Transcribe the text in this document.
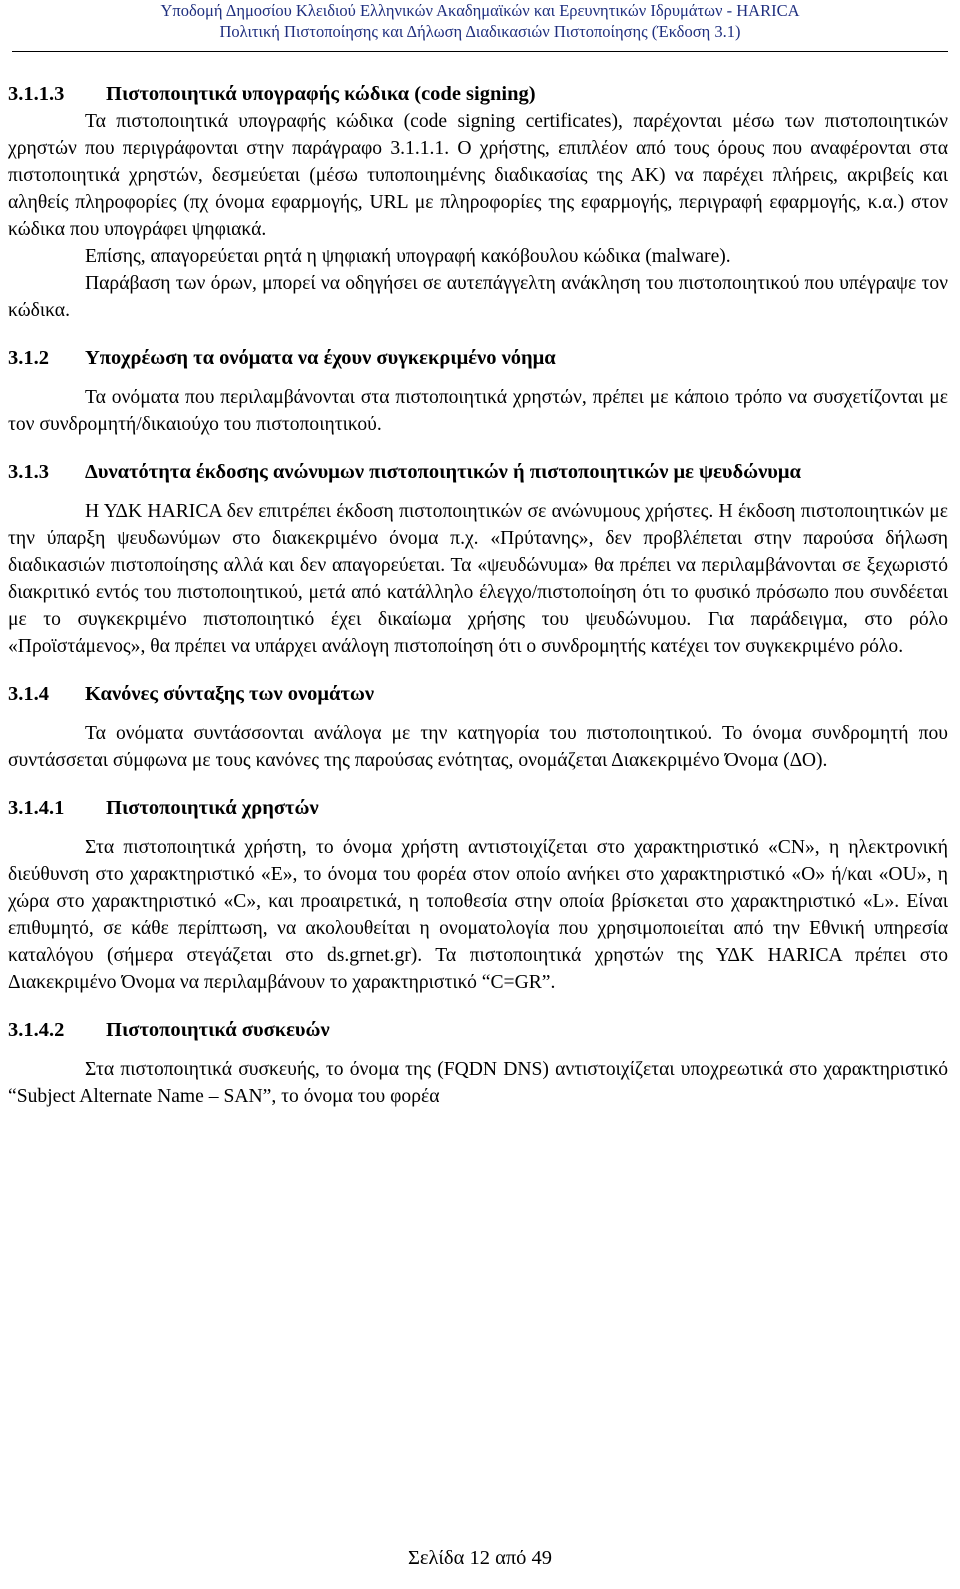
Υποδομή Δημοσίου Κλειδιού Ελληνικών Ακαδημαϊκών και Ερευνητικών Ιδρυμάτων - HARICA
Πολιτική Πιστοποίησης και Δήλωση Διαδικασιών Πιστοποίησης (Έκδοση 3.1)
3.1.1.3	Πιστοποιητικά υπογραφής κώδικα (code signing)

Τα πιστοποιητικά υπογραφής κώδικα (code signing certificates), παρέχονται μέσω των πιστοποιητικών χρηστών που περιγράφονται στην παράγραφο 3.1.1.1. Ο χρήστης, επιπλέον από τους όρους που αναφέρονται στα πιστοποιητικά χρηστών, δεσμεύεται (μέσω τυποποιημένης διαδικασίας της ΑΚ) να παρέχει πλήρεις, ακριβείς και αληθείς πληροφορίες (πχ όνομα εφαρμογής, URL με πληροφορίες της εφαρμογής, περιγραφή εφαρμογής, κ.α.) στον κώδικα που υπογράφει ψηφιακά.

Επίσης, απαγορεύεται ρητά η ψηφιακή υπογραφή κακόβουλου κώδικα (malware).

Παράβαση των όρων, μπορεί να οδηγήσει σε αυτεπάγγελτη ανάκληση του πιστοποιητικού που υπέγραψε τον κώδικα.

3.1.2	Υποχρέωση τα ονόματα να έχουν συγκεκριμένο νόημα

Τα ονόματα που περιλαμβάνονται στα πιστοποιητικά χρηστών, πρέπει με κάποιο τρόπο να συσχετίζονται με τον συνδρομητή/δικαιούχο του πιστοποιητικού.

3.1.3	Δυνατότητα έκδοσης ανώνυμων πιστοποιητικών ή πιστοποιητικών με ψευδώνυμα

Η ΥΔΚ HARICA δεν επιτρέπει έκδοση πιστοποιητικών σε ανώνυμους χρήστες. Η έκδοση πιστοποιητικών με την ύπαρξη ψευδωνύμων στο διακεκριμένο όνομα π.χ. «Πρύτανης», δεν προβλέπεται στην παρούσα δήλωση διαδικασιών πιστοποίησης αλλά και δεν απαγορεύεται. Τα «ψευδώνυμα» θα πρέπει να περιλαμβάνονται σε ξεχωριστό διακριτικό εντός του πιστοποιητικού, μετά από κατάλληλο έλεγχο/πιστοποίηση ότι το φυσικό πρόσωπο που συνδέεται με το συγκεκριμένο πιστοποιητικό έχει δικαίωμα χρήσης του ψευδώνυμου. Για παράδειγμα, στο ρόλο «Προϊστάμενος», θα πρέπει να υπάρχει ανάλογη πιστοποίηση ότι ο συνδρομητής κατέχει τον συγκεκριμένο ρόλο.

3.1.4	Κανόνες σύνταξης των ονομάτων

Τα ονόματα συντάσσονται ανάλογα με την κατηγορία του πιστοποιητικού. Το όνομα συνδρομητή που συντάσσεται σύμφωνα με τους κανόνες της παρούσας ενότητας, ονομάζεται Διακεκριμένο Όνομα (ΔΟ).

3.1.4.1	Πιστοποιητικά χρηστών

Στα πιστοποιητικά χρήστη, το όνομα χρήστη αντιστοιχίζεται στο χαρακτηριστικό «CN», η ηλεκτρονική διεύθυνση στο χαρακτηριστικό «E», το όνομα του φορέα στον οποίο ανήκει στο χαρακτηριστικό «O» ή/και «OU», η χώρα στο χαρακτηριστικό «C», και προαιρετικά, η τοποθεσία στην οποία βρίσκεται στο χαρακτηριστικό «L». Είναι επιθυμητό, σε κάθε περίπτωση, να ακολουθείται η ονοματολογία που χρησιμοποιείται από την Εθνική υπηρεσία καταλόγου (σήμερα στεγάζεται στο ds.grnet.gr). Τα πιστοποιητικά χρηστών της ΥΔΚ HARICA πρέπει στο Διακεκριμένο Όνομα να περιλαμβάνουν το χαρακτηριστικό “C=GR”.

3.1.4.2	Πιστοποιητικά συσκευών

Στα πιστοποιητικά συσκευής, το όνομα της (FQDN DNS) αντιστοιχίζεται υποχρεωτικά στο χαρακτηριστικό “Subject Alternate Name – SAN”, το όνομα του φορέα

Σελίδα 12 από 49
